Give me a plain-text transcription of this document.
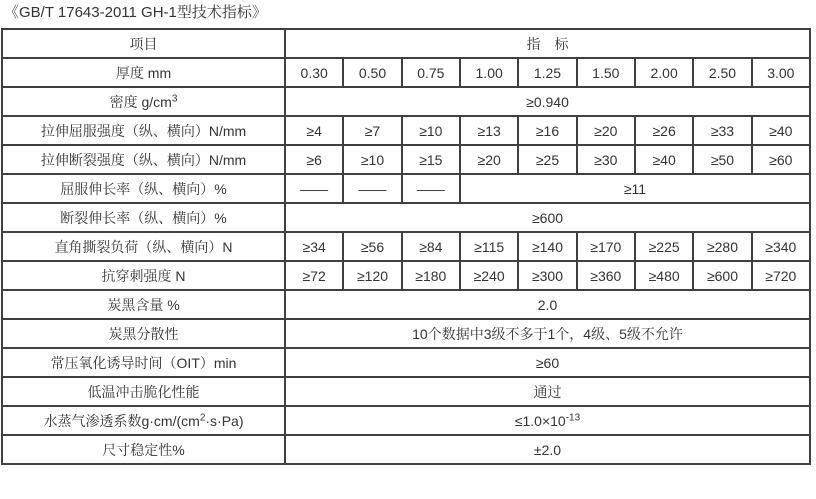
《GB/T 17643-2011 GH-1型技术指标》
项目	指　标								
厚度 mm	0.30	0.50	0.75	1.00	1.25	1.50	2.00	2.50	3.00
密度 $g/cm^3$	≥0.940								
拉伸屈服强度（纵、横向）N/mm	≥4	≥7	≥10	≥13	≥16	≥20	≥26	≥33	≥40
拉伸断裂强度（纵、横向）N/mm	≥6	≥10	≥15	≥20	≥25	≥30	≥40	≥50	≥60
屈服伸长率（纵、横向）%	——	——	——	≥11					
断裂伸长率（纵、横向）%	≥600								
直角撕裂负荷（纵、横向）N	≥34	≥56	≥84	≥115	≥140	≥170	≥225	≥280	≥340
抗穿刺强度 N	≥72	≥120	≥180	≥240	≥300	≥360	≥480	≥600	≥720
炭黑含量 %	2.0								
炭黑分散性	10个数据中3级不多于1个，4级、5级不允许								
常压氧化诱导时间（OIT）min	≥60								
低温冲击脆化性能	通过								
水蒸气渗透系数$g\cdot cm/(cm^2\cdot s\cdot Pa)$	$\le 1.0\times 10^{-13}$
尺寸稳定性%	±2.0								
